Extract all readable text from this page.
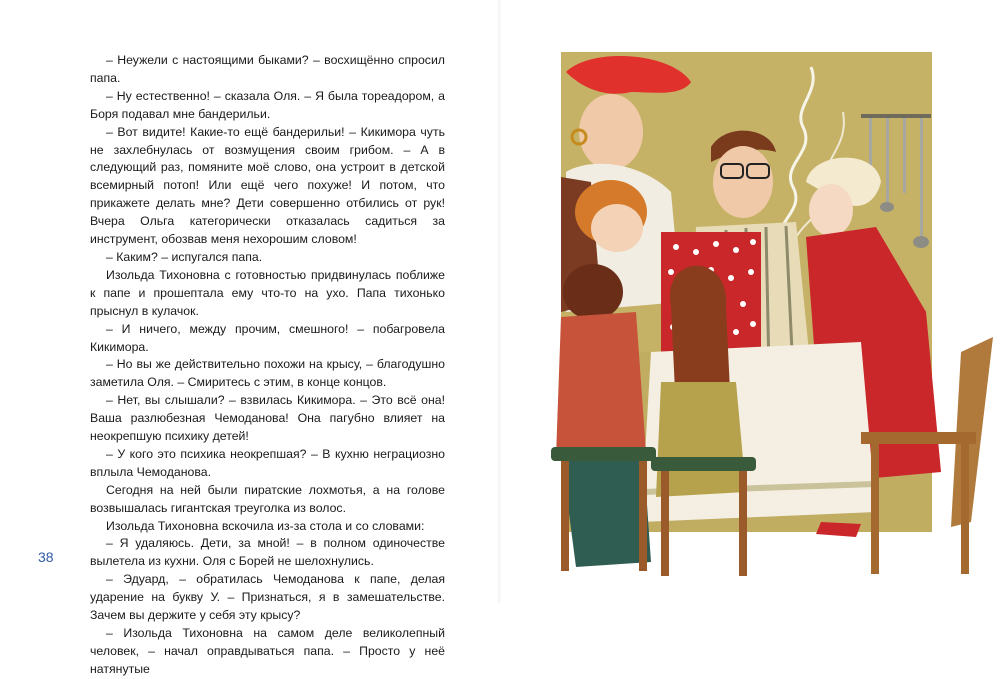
– Неужели с настоящими быками? – восхищённо спросил папа.

– Ну естественно! – сказала Оля. – Я была тореадором, а Боря подавал мне бандерильи.

– Вот видите! Какие-то ещё бандерильи! – Кикимора чуть не захлебнулась от возмущения своим грибом. – А в следующий раз, помяните моё слово, она устроит в детской всемирный потоп! Или ещё чего похуже! И потом, что прикажете делать мне? Дети совершенно отбились от рук! Вчера Ольга категорически отказалась садиться за инструмент, обозвав меня нехорошим словом!

– Каким? – испугался папа.

Изольда Тихоновна с готовностью придвинулась поближе к папе и прошептала ему что-то на ухо. Папа тихонько прыснул в кулачок.

– И ничего, между прочим, смешного! – побагровела Кикимора.

– Но вы же действительно похожи на крысу, – благодушно заметила Оля. – Смиритесь с этим, в конце концов.

– Нет, вы слышали? – взвилась Кикимора. – Это всё она! Ваша разлюбезная Чемоданова! Она пагубно влияет на неокрепшую психику детей!

– У кого это психика неокрепшая? – В кухню неграциозно вплыла Чемоданова.

Сегодня на ней были пиратские лохмотья, а на голове возвышалась гигантская треуголка из волос.

Изольда Тихоновна вскочила из-за стола и со словами:

– Я удаляюсь. Дети, за мной! – в полном одиночестве вылетела из кухни. Оля с Борей не шелохнулись.

– Эдуард, – обратилась Чемоданова к папе, делая ударение на букву У. – Признаться, я в замешательстве. Зачем вы держите у себя эту крысу?

– Изольда Тихоновна на самом деле великолепный человек, – начал оправдываться папа. – Просто у неё натянутые

38
